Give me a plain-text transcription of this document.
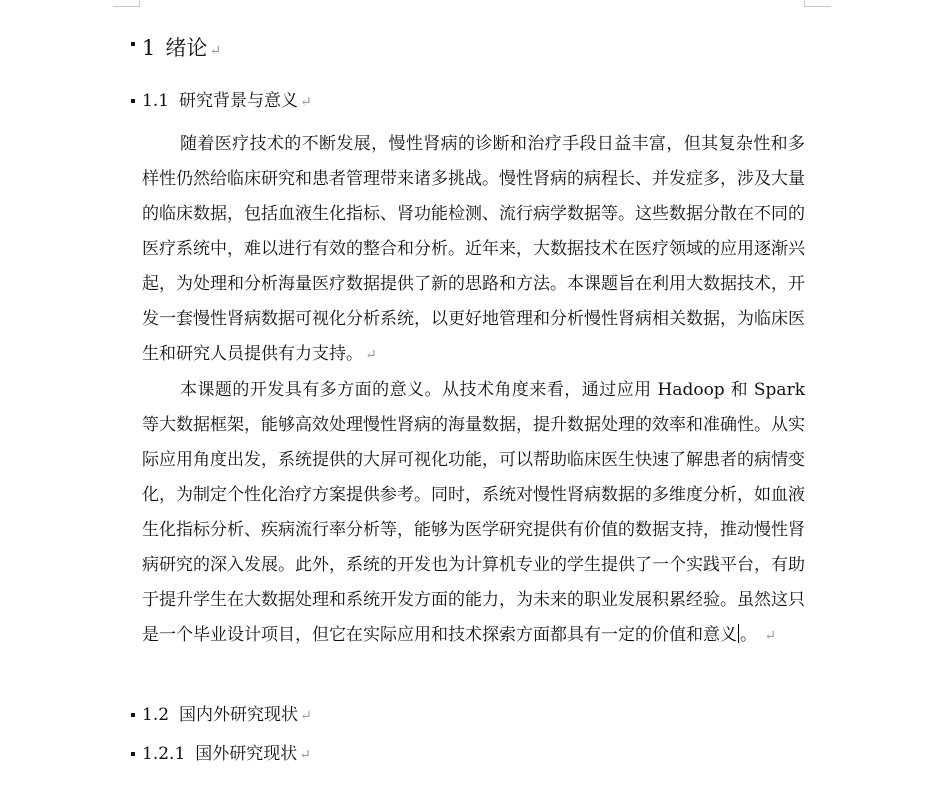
1 绪论 ↵
1.1 研究背景与意义 ↵
随着医疗技术的不断发展，慢性肾病的诊断和治疗手段日益丰富，但其复杂性和多样性仍然给临床研究和患者管理带来诸多挑战。慢性肾病的病程长、并发症多，涉及大量的临床数据，包括血液生化指标、肾功能检测、流行病学数据等。这些数据分散在不同的医疗系统中，难以进行有效的整合和分析。近年来，大数据技术在医疗领域的应用逐渐兴起，为处理和分析海量医疗数据提供了新的思路和方法。本课题旨在利用大数据技术，开发一套慢性肾病数据可视化分析系统，以更好地管理和分析慢性肾病相关数据，为临床医生和研究人员提供有力支持。 ↵
本课题的开发具有多方面的意义。从技术角度来看，通过应用 Hadoop 和 Spark 等大数据框架，能够高效处理慢性肾病的海量数据，提升数据处理的效率和准确性。从实际应用角度出发，系统提供的大屏可视化功能，可以帮助临床医生快速了解患者的病情变化，为制定个性化治疗方案提供参考。同时，系统对慢性肾病数据的多维度分析，如血液生化指标分析、疾病流行率分析等，能够为医学研究提供有价值的数据支持，推动慢性肾病研究的深入发展。此外，系统的开发也为计算机专业的学生提供了一个实践平台，有助于提升学生在大数据处理和系统开发方面的能力，为未来的职业发展积累经验。虽然这只是一个毕业设计项目，但它在实际应用和技术探索方面都具有一定的价值和意义 。 ↵
1.2 国内外研究现状 ↵
1.2.1 国外研究现状 ↵
